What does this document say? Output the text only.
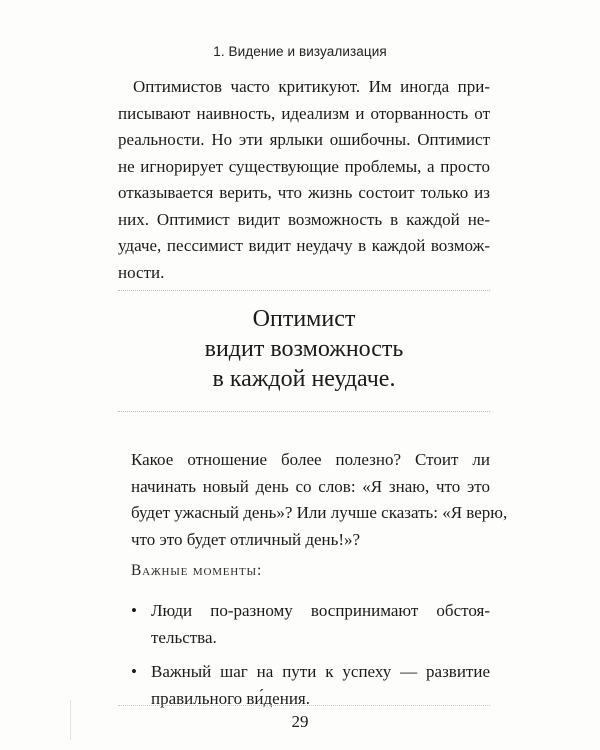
1. Видение и визуализация

Оптимистов часто критикуют. Им иногда при-
писывают наивность, идеализм и оторванность от
реальности. Но эти ярлыки ошибочны. Оптимист
не игнорирует существующие проблемы, а просто
отказывается верить, что жизнь состоит только из
них. Оптимист видит возможность в каждой не-
удаче, пессимист видит неудачу в каждой возмож-
ности.

Оптимист
видит возможность
в каждой неудаче.

Какое отношение более полезно? Стоит ли
начинать новый день со слов: «Я знаю, что это
будет ужасный день»? Или лучше сказать: «Я верю,
что это будет отличный день!»?

Важные моменты:
• Люди по-разному воспринимают обстоя-
тельства.
• Важный шаг на пути к успеху — развитие
правильного ви́дения.
29
